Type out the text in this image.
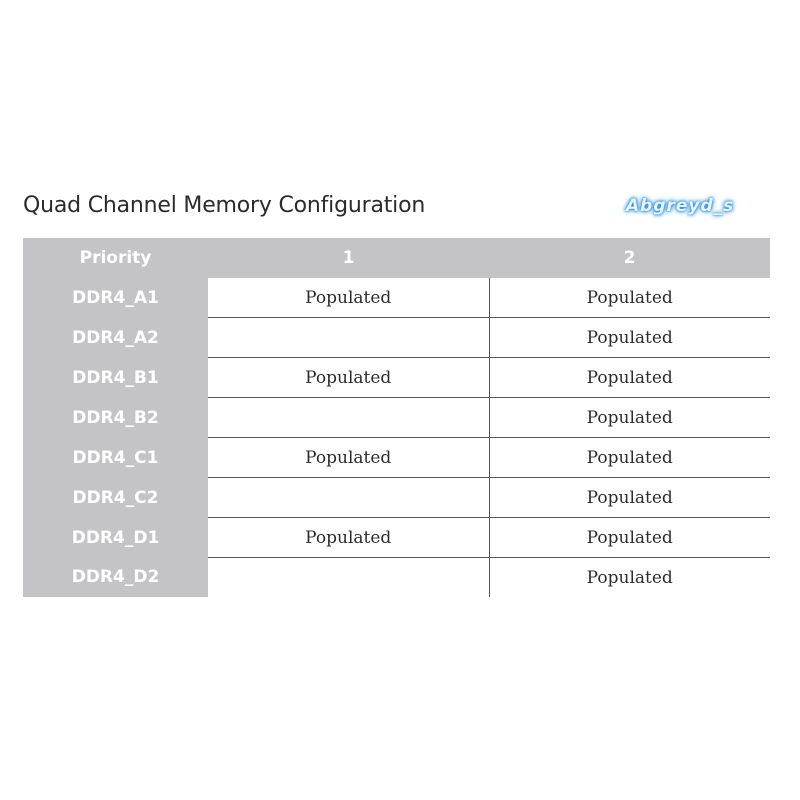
Quad Channel Memory Configuration	Abgreyd_s
Priority	1	2
DDR4_A1	Populated	Populated
DDR4_A2		Populated
DDR4_B1	Populated	Populated
DDR4_B2		Populated
DDR4_C1	Populated	Populated
DDR4_C2		Populated
DDR4_D1	Populated	Populated
DDR4_D2		Populated
